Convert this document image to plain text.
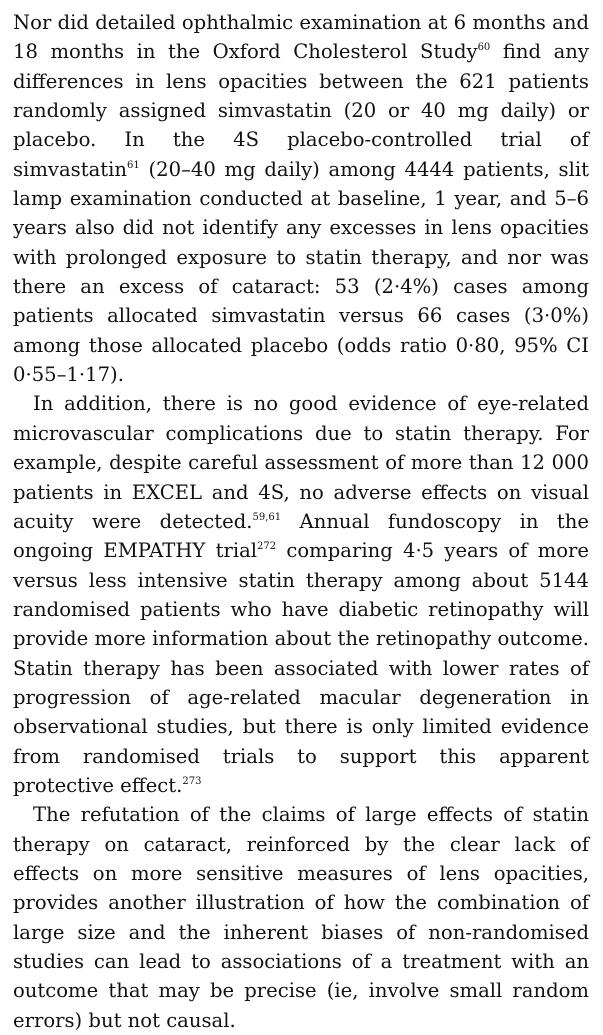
Nor did detailed ophthalmic examination at 6 months and 18 months in the Oxford Cholesterol Study$^{60}$ find any differences in lens opacities between the 621 patients randomly assigned simvastatin (20 or 40 mg daily) or placebo. In the 4S placebo-controlled trial of simvastatin$^{61}$ (20–40 mg daily) among 4444 patients, slit lamp examination conducted at baseline, 1 year, and 5–6 years also did not identify any excesses in lens opacities with prolonged exposure to statin therapy, and nor was there an excess of cataract: 53 (2·4%) cases among patients allocated simvastatin versus 66 cases (3·0%) among those allocated placebo (odds ratio 0·80, 95% CI 0·55–1·17).

In addition, there is no good evidence of eye-related microvascular complications due to statin therapy. For example, despite careful assessment of more than 12 000 patients in EXCEL and 4S, no adverse effects on visual acuity were detected.$^{59,61}$ Annual fundoscopy in the ongoing EMPATHY trial$^{272}$ comparing 4·5 years of more versus less intensive statin therapy among about 5144 randomised patients who have diabetic retinopathy will provide more information about the retinopathy outcome. Statin therapy has been associated with lower rates of progression of age-related macular degeneration in observational studies, but there is only limited evidence from randomised trials to support this apparent protective effect.$^{273}$

The refutation of the claims of large effects of statin therapy on cataract, reinforced by the clear lack of effects on more sensitive measures of lens opacities, provides another illustration of how the combination of large size and the inherent biases of non-randomised studies can lead to associations of a treatment with an outcome that may be precise (ie, involve small random errors) but not causal.
